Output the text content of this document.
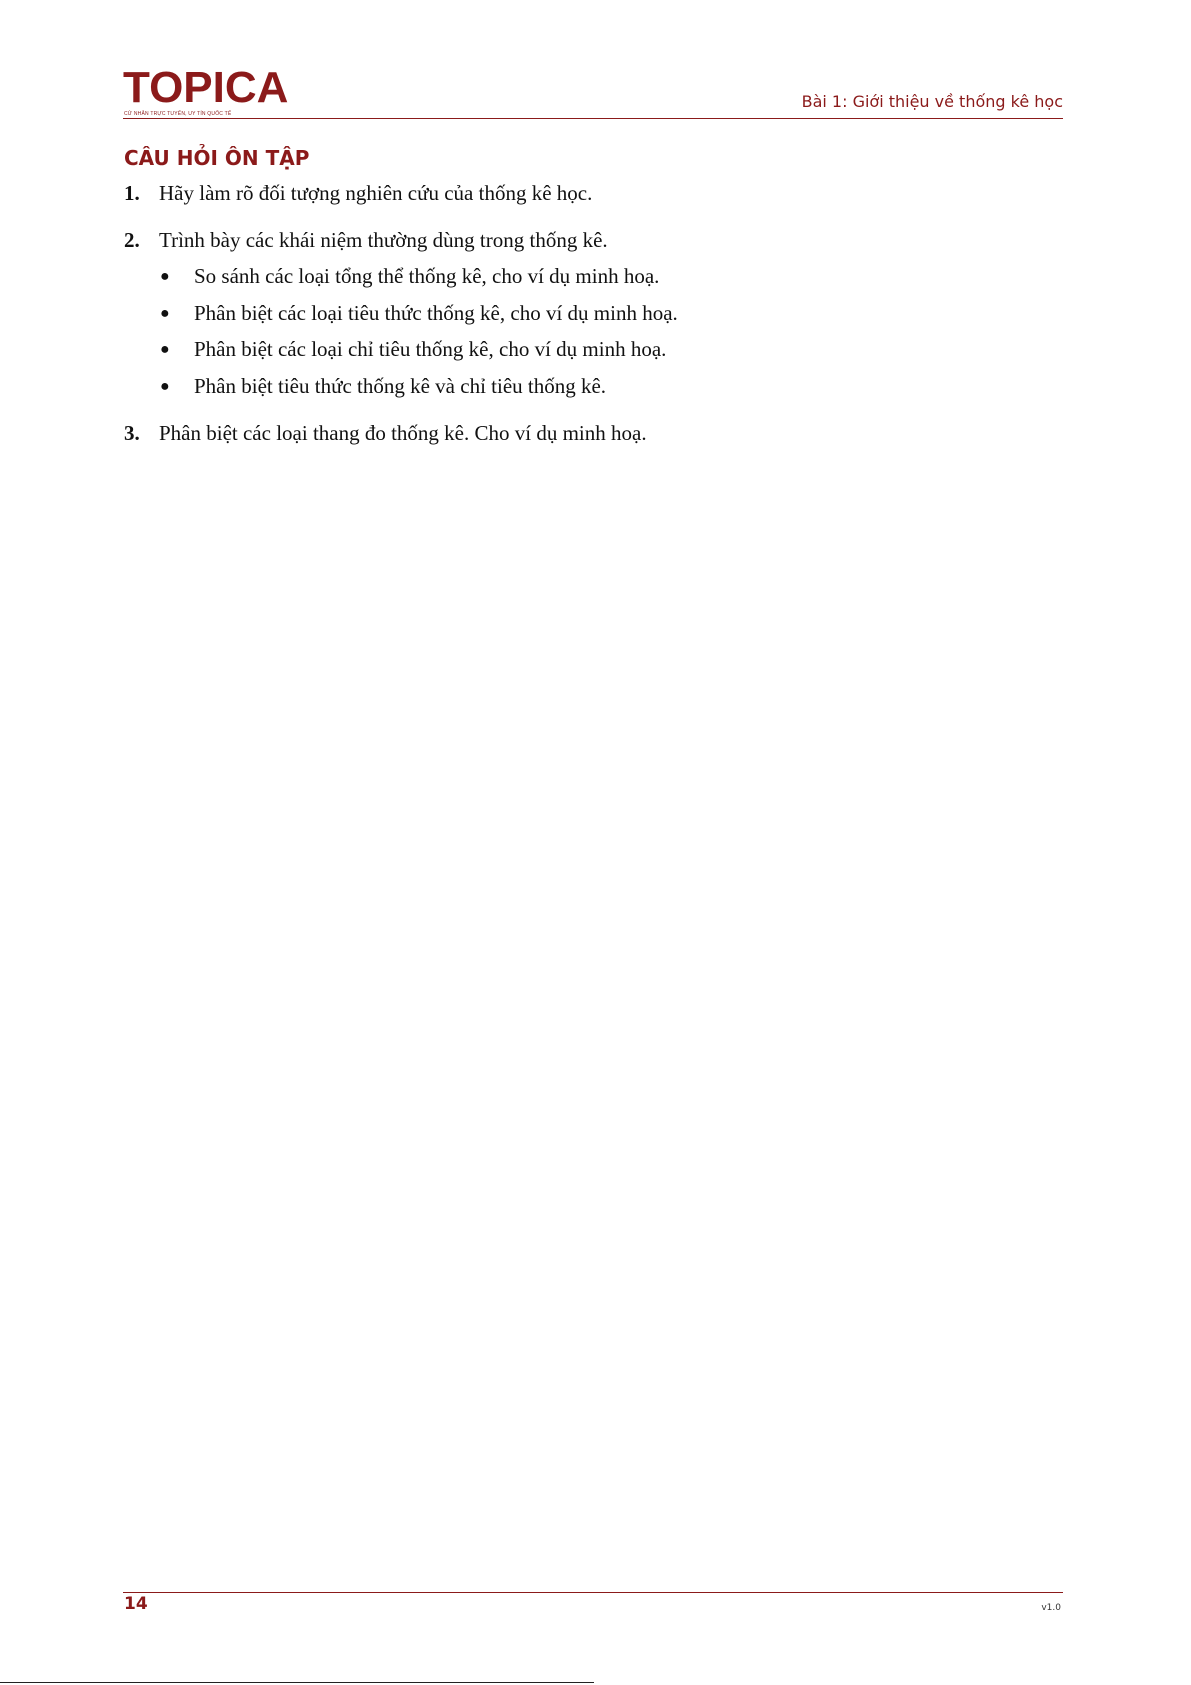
TOPICA
CỬ NHÂN TRỰC TUYẾN, UY TÍN QUỐC TẾ
Bài 1: Giới thiệu về thống kê học
CÂU HỎI ÔN TẬP
1. Hãy làm rõ đối tượng nghiên cứu của thống kê học.
2. Trình bày các khái niệm thường dùng trong thống kê.
● So sánh các loại tổng thể thống kê, cho ví dụ minh hoạ.
● Phân biệt các loại tiêu thức thống kê, cho ví dụ minh hoạ.
● Phân biệt các loại chỉ tiêu thống kê, cho ví dụ minh hoạ.
● Phân biệt tiêu thức thống kê và chỉ tiêu thống kê.
3. Phân biệt các loại thang đo thống kê. Cho ví dụ minh hoạ.
14	v1.0
